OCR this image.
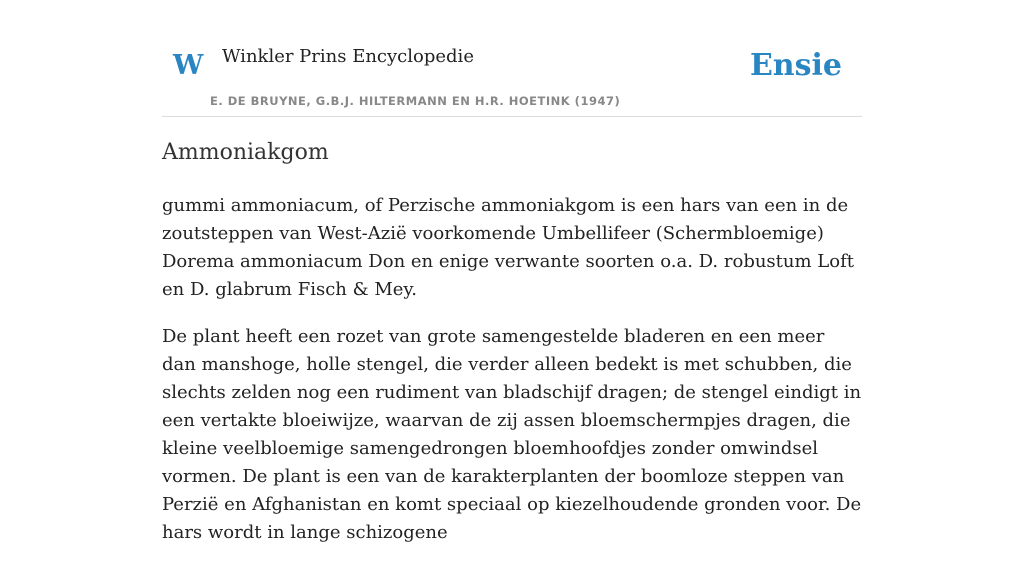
W Winkler Prins Encyclopedie
E. DE BRUYNE, G.B.J. HILTERMANN EN H.R. HOETINK (1947)
Ensie
Ammoniakgom

gummi ammoniacum, of Perzische ammoniakgom is een hars van een in de zoutsteppen van West-Azië voorkomende Umbellifeer (Schermbloemige) Dorema ammoniacum Don en enige verwante soorten o.a. D. robustum Loft en D. glabrum Fisch & Mey.

De plant heeft een rozet van grote samengestelde bladeren en een meer dan manshoge, holle stengel, die verder alleen bedekt is met schubben, die slechts zelden nog een rudiment van bladschijf dragen; de stengel eindigt in een vertakte bloeiwijze, waarvan de zij assen bloemschermpjes dragen, die kleine veelbloemige samengedrongen bloemhoofdjes zonder omwindsel vormen. De plant is een van de karakterplanten der boomloze steppen van Perzië en Afghanistan en komt speciaal op kiezelhoudende gronden voor. De hars wordt in lange schizogene
